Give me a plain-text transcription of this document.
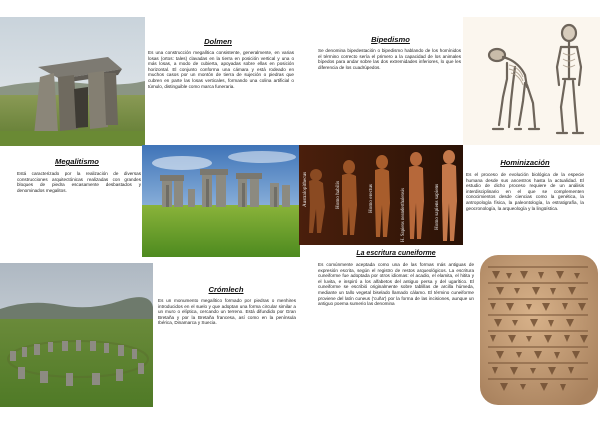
Dolmen
Es una construcción megalítica consistente, generalmente, en varias losas (ortos: tales) clavadas en la tierra en posición vertical y una o más losas, a modo de cubierta, apoyadas sobre ellas en posición horizontal. El conjunto conforma una cámara y está rodeado en muchos casos por un montón de tierra de sujeción o piedras que cubren en parte las losas verticales, formando una colina artificial o túmulo, distinguible como marca funeraria.
Bipedismo
Se denomina bipedestación o bipedismo hablando de los homínidos el término correcto sería el primero a la capacidad de los animales bípedos para andar sobre las dos extremidades inferiores, lo que les diferencia de los cuadrúpedos.
Megalitismo
Está caracterizado por la realización de diversas construcciones arquitectónicas realizadas con grandes bloques de piedra escasamente desbastados y denominados megalitos.	Australopithecus	Homo habilis	Homo erectus	H. Sapiens neanderthalensis	Homo sapiens sapiens
Hominización
Es el proceso de evolución biológica de la especie humana desde sus ancestros hasta la actualidad. El estudio de dicho proceso requiere de un análisis interdisciplinario en el que se complementen conocimientos desde ciencias como la genética, la antropología física, la paleontología, la estratigrafía, la geocronología, la arqueología y la lingüística.
La escritura cuneiforme
Es comúnmente aceptada como una de las formas más antiguas de expresión escrita, según el registro de restos arqueológicos. La escritura cuneiforme fue adoptada por otros idiomas: el acadio, el elamita, el hitita y el luvita, e inspiró a los alfabetos del antiguo persa y del ugarítico. El cuneiforme se escribió originalmente sobre tablillas de arcilla húmeda, mediante un tallo vegetal biselado llamado cálamo. El término cuneiforme proviene del latín cuneus ('cuña') por la forma de las incisiones, aunque un antiguo poema sumerio las denomina
Crómlech
Es un monumento megalítico formado por piedras o menhires introducidos en el suelo y que adoptan una forma circular similar a un muro o elíptica, cercando un terreno. Está difundido por Gran Bretaña y por la Bretaña francesa, así como en la península Ibérica, Dinamarca y Suecia.
